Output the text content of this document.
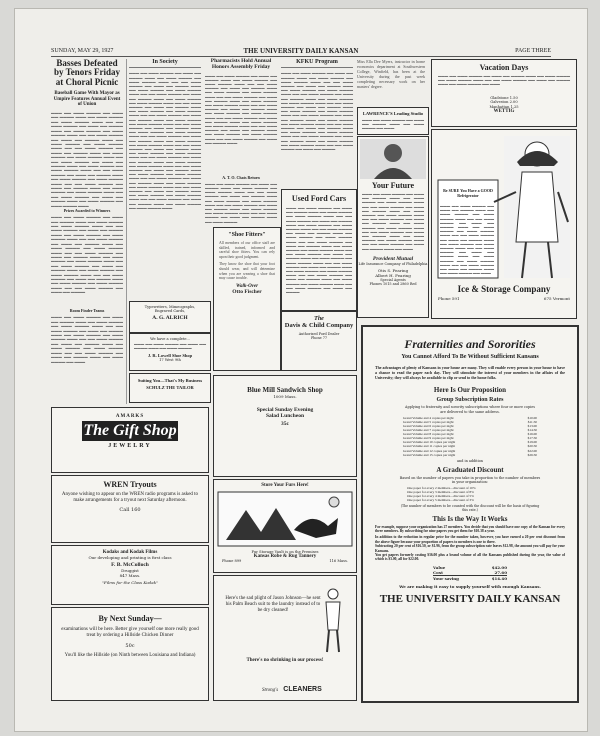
SUNDAY, MAY 29, 1927	THE UNIVERSITY DAILY KANSAN	PAGE THREE
Basses Defeated by Tenors Friday at Choral Picnic
Baseball Game With Mayor as Umpire Features Annual Event of Union
▬▬▬ ▬▬ ▬▬▬ ▬▬▬▬ ▬▬ ▬▬▬ ▬▬ ▬▬▬▬ ▬▬▬ ▬▬ ▬▬▬ ▬▬▬▬ ▬▬ ▬▬▬ ▬▬▬▬ ▬▬▬ ▬▬ ▬▬ ▬▬▬ ▬▬▬▬ ▬▬ ▬▬▬ ▬▬ ▬▬▬▬ ▬▬▬ ▬▬ ▬▬▬ ▬▬▬▬ ▬▬ ▬▬▬ ▬▬▬▬ ▬▬▬ ▬▬ ▬▬ ▬▬▬ ▬▬▬▬ ▬▬ ▬▬▬ ▬▬ ▬▬▬▬ ▬▬▬ ▬▬ ▬▬▬ ▬▬▬▬ ▬▬ ▬▬▬ ▬▬▬▬ ▬▬▬ ▬▬ ▬▬ ▬▬▬ ▬▬▬▬ ▬▬ ▬▬▬ ▬▬ ▬▬▬▬ ▬▬▬ ▬▬ ▬▬▬ ▬▬▬▬ ▬▬ ▬▬▬ ▬▬▬▬ ▬▬▬ ▬▬ ▬▬ ▬▬▬ ▬▬▬▬ ▬▬ ▬▬▬ ▬▬ ▬▬▬▬ ▬▬▬ ▬▬ ▬▬▬ ▬▬▬▬ ▬▬ ▬▬▬ ▬▬▬▬ ▬▬▬ ▬▬ ▬▬ ▬▬▬ ▬▬▬▬ ▬▬ ▬▬▬ ▬▬ ▬▬▬▬ ▬▬▬ ▬▬ ▬▬▬ ▬▬▬▬ ▬▬ ▬▬▬ ▬▬▬▬ ▬▬▬ ▬▬ ▬▬ ▬▬▬ ▬▬▬▬ ▬▬ ▬▬▬ ▬▬ ▬▬▬▬ ▬▬▬ ▬▬ ▬▬▬ ▬▬▬▬ ▬▬ ▬▬▬ ▬▬▬▬ ▬▬▬ ▬▬ ▬▬ ▬▬▬ ▬▬▬▬ ▬▬ ▬▬▬ ▬▬ ▬▬▬▬ ▬▬▬ ▬▬ ▬▬▬ ▬▬▬▬ ▬▬ ▬▬▬ ▬▬▬▬ ▬▬▬
Prizes Awarded to Winners
▬▬▬ ▬▬ ▬▬▬ ▬▬▬▬ ▬▬ ▬▬▬ ▬▬ ▬▬▬▬ ▬▬▬ ▬▬ ▬▬▬ ▬▬▬▬ ▬▬ ▬▬▬ ▬▬▬▬ ▬▬▬ ▬▬ ▬▬ ▬▬▬ ▬▬▬▬ ▬▬ ▬▬▬ ▬▬ ▬▬▬▬ ▬▬▬ ▬▬ ▬▬▬ ▬▬▬▬ ▬▬ ▬▬▬ ▬▬▬▬ ▬▬▬ ▬▬ ▬▬ ▬▬▬ ▬▬▬▬ ▬▬ ▬▬▬ ▬▬ ▬▬▬▬ ▬▬▬ ▬▬ ▬▬▬ ▬▬▬▬ ▬▬ ▬▬▬ ▬▬▬▬ ▬▬▬ ▬▬ ▬▬ ▬▬▬ ▬▬▬▬ ▬▬ ▬▬▬ ▬▬ ▬▬▬▬ ▬▬▬ ▬▬ ▬▬▬ ▬▬▬▬ ▬▬ ▬▬▬ ▬▬▬▬ ▬▬▬ ▬▬ ▬▬ ▬▬▬ ▬▬▬▬ ▬▬ ▬▬▬ ▬▬ ▬▬▬▬ ▬▬▬ ▬▬ ▬▬▬ ▬▬▬▬ ▬▬ ▬▬▬ ▬▬▬▬ ▬▬▬ ▬▬ ▬▬ ▬▬▬ ▬▬▬▬ ▬▬ ▬▬▬ ▬▬ ▬▬▬▬ ▬▬▬ ▬▬ ▬▬▬ ▬▬▬▬ ▬▬ ▬▬▬ ▬▬▬▬ ▬▬▬ ▬▬ ▬▬ ▬▬▬ ▬▬▬▬ ▬▬ ▬▬▬ ▬▬ ▬▬▬▬
Room Finder Teams
▬▬▬ ▬▬ ▬▬▬ ▬▬▬▬ ▬▬ ▬▬▬ ▬▬ ▬▬▬▬ ▬▬▬ ▬▬ ▬▬▬ ▬▬▬▬ ▬▬ ▬▬▬ ▬▬▬▬ ▬▬▬ ▬▬ ▬▬ ▬▬▬ ▬▬▬▬ ▬▬ ▬▬▬ ▬▬ ▬▬▬▬ ▬▬▬ ▬▬ ▬▬▬ ▬▬▬▬ ▬▬ ▬▬▬ ▬▬▬▬ ▬▬▬ ▬▬ ▬▬ ▬▬▬ ▬▬▬▬ ▬▬ ▬▬▬ ▬▬ ▬▬▬▬ ▬▬▬ ▬▬ ▬▬▬ ▬▬▬▬ ▬▬ ▬▬▬ ▬▬▬▬ ▬▬▬ ▬▬ ▬▬ ▬▬▬ ▬▬▬▬ ▬▬ ▬▬▬ ▬▬ ▬▬▬▬ ▬▬▬ ▬▬ ▬▬▬ ▬▬▬▬ ▬▬ ▬▬▬
In Society
▬▬▬ ▬▬ ▬▬▬ ▬▬▬▬ ▬▬ ▬▬▬ ▬▬ ▬▬▬▬ ▬▬▬ ▬▬ ▬▬▬ ▬▬▬▬ ▬▬ ▬▬▬ ▬▬▬▬ ▬▬▬ ▬▬ ▬▬ ▬▬▬ ▬▬▬▬ ▬▬ ▬▬▬ ▬▬ ▬▬▬▬ ▬▬▬ ▬▬ ▬▬▬ ▬▬▬▬ ▬▬ ▬▬▬ ▬▬▬▬ ▬▬▬ ▬▬ ▬▬ ▬▬▬ ▬▬▬▬ ▬▬ ▬▬▬ ▬▬ ▬▬▬▬ ▬▬▬ ▬▬ ▬▬▬ ▬▬▬▬ ▬▬ ▬▬▬ ▬▬▬▬ ▬▬▬ ▬▬ ▬▬ ▬▬▬ ▬▬▬▬ ▬▬ ▬▬▬ ▬▬ ▬▬▬▬ ▬▬▬ ▬▬ ▬▬▬ ▬▬▬▬ ▬▬ ▬▬▬ ▬▬▬▬ ▬▬▬ ▬▬ ▬▬ ▬▬▬ ▬▬▬▬ ▬▬ ▬▬▬ ▬▬ ▬▬▬▬ ▬▬▬ ▬▬ ▬▬▬ ▬▬▬▬ ▬▬ ▬▬▬ ▬▬▬▬ ▬▬▬ ▬▬ ▬▬ ▬▬▬ ▬▬▬▬ ▬▬ ▬▬▬ ▬▬ ▬▬▬▬ ▬▬▬ ▬▬ ▬▬▬ ▬▬▬▬ ▬▬ ▬▬▬ ▬▬▬▬ ▬▬▬ ▬▬ ▬▬ ▬▬▬ ▬▬▬▬ ▬▬ ▬▬▬ ▬▬ ▬▬▬▬ ▬▬▬ ▬▬ ▬▬▬ ▬▬▬▬ ▬▬ ▬▬▬ ▬▬▬▬ ▬▬▬ ▬▬ ▬▬ ▬▬▬ ▬▬▬▬ ▬▬ ▬▬▬ ▬▬ ▬▬▬▬ ▬▬▬ ▬▬ ▬▬▬ ▬▬▬▬ ▬▬ ▬▬▬ ▬▬▬▬ ▬▬▬ ▬▬ ▬▬ ▬▬▬ ▬▬▬▬ ▬▬ ▬▬▬ ▬▬ ▬▬▬▬ ▬▬▬ ▬▬ ▬▬▬ ▬▬▬▬ ▬▬ ▬▬▬ ▬▬▬▬ ▬▬▬ ▬▬ ▬▬ ▬▬▬ ▬▬▬▬ ▬▬ ▬▬▬ ▬▬ ▬▬▬▬ ▬▬▬ ▬▬ ▬▬▬ ▬▬▬▬ ▬▬ ▬▬▬ ▬▬▬▬ ▬▬▬ ▬▬ ▬▬ ▬▬▬ ▬▬▬▬ ▬▬ ▬▬▬ ▬▬ ▬▬▬▬ ▬▬▬ ▬▬ ▬▬▬ ▬▬▬▬ ▬▬ ▬▬▬ ▬▬▬▬ ▬▬▬ ▬▬ ▬▬ ▬▬▬ ▬▬▬▬ ▬▬ ▬▬▬ ▬▬ ▬▬▬▬ ▬▬▬ ▬▬ ▬▬▬ ▬▬▬▬ ▬▬ ▬▬▬ ▬▬▬▬ ▬▬▬ ▬▬ ▬▬ ▬▬▬ ▬▬▬▬ ▬▬ ▬▬▬ ▬▬ ▬▬▬▬ ▬▬▬ ▬▬ ▬▬▬ ▬▬▬▬ ▬▬ ▬▬▬ ▬▬▬▬ ▬▬▬
Pharmacists Hold Annual Honors Assembly Friday
▬▬▬ ▬▬ ▬▬▬ ▬▬▬▬ ▬▬ ▬▬▬ ▬▬ ▬▬▬▬ ▬▬▬ ▬▬ ▬▬▬ ▬▬▬▬ ▬▬ ▬▬▬ ▬▬▬▬ ▬▬▬ ▬▬ ▬▬ ▬▬▬ ▬▬▬▬ ▬▬ ▬▬▬ ▬▬ ▬▬▬▬ ▬▬▬ ▬▬ ▬▬▬ ▬▬▬▬ ▬▬ ▬▬▬ ▬▬▬▬ ▬▬▬ ▬▬ ▬▬ ▬▬▬ ▬▬▬▬ ▬▬ ▬▬▬ ▬▬ ▬▬▬▬ ▬▬▬ ▬▬ ▬▬▬ ▬▬▬▬ ▬▬ ▬▬▬ ▬▬▬▬ ▬▬▬ ▬▬ ▬▬ ▬▬▬ ▬▬▬▬ ▬▬ ▬▬▬ ▬▬ ▬▬▬▬ ▬▬▬ ▬▬ ▬▬▬ ▬▬▬▬ ▬▬ ▬▬▬ ▬▬▬▬ ▬▬▬ ▬▬ ▬▬ ▬▬▬ ▬▬▬▬ ▬▬ ▬▬▬ ▬▬ ▬▬▬▬ ▬▬▬ ▬▬ ▬▬▬ ▬▬▬▬ ▬▬ ▬▬▬ ▬▬▬▬ ▬▬▬ ▬▬ ▬▬ ▬▬▬ ▬▬▬▬ ▬▬ ▬▬▬ ▬▬ ▬▬▬▬ ▬▬▬ ▬▬ ▬▬▬ ▬▬▬▬ ▬▬ ▬▬▬ ▬▬▬▬ ▬▬▬ ▬▬ ▬▬ ▬▬▬ ▬▬▬▬ ▬▬ ▬▬▬ ▬▬ ▬▬▬▬ ▬▬▬
A. T. O. Chats Return
▬▬▬ ▬▬ ▬▬▬ ▬▬▬▬ ▬▬ ▬▬▬ ▬▬ ▬▬▬▬ ▬▬▬ ▬▬ ▬▬▬ ▬▬▬▬ ▬▬ ▬▬▬ ▬▬▬▬ ▬▬▬ ▬▬ ▬▬ ▬▬▬ ▬▬▬▬ ▬▬ ▬▬▬ ▬▬ ▬▬▬▬ ▬▬▬ ▬▬ ▬▬▬ ▬▬▬▬ ▬▬ ▬▬▬ ▬▬▬▬ ▬▬▬ ▬▬ ▬▬ ▬▬▬ ▬▬▬▬ ▬▬ ▬▬▬ ▬▬ ▬▬▬▬ ▬▬▬ ▬▬ ▬▬▬ ▬▬▬▬ ▬▬ ▬▬▬ ▬▬▬▬ ▬▬▬ ▬▬ ▬▬ ▬▬▬ ▬▬▬▬ ▬▬ ▬▬▬ ▬▬ ▬▬▬▬ ▬▬▬ ▬▬ ▬▬▬ ▬▬▬▬
KFKU Program
▬▬▬ ▬▬ ▬▬▬ ▬▬▬▬ ▬▬ ▬▬▬ ▬▬ ▬▬▬▬ ▬▬▬ ▬▬ ▬▬▬ ▬▬▬▬ ▬▬ ▬▬▬ ▬▬▬▬ ▬▬▬ ▬▬ ▬▬ ▬▬▬ ▬▬▬▬ ▬▬ ▬▬▬ ▬▬ ▬▬▬▬ ▬▬▬ ▬▬ ▬▬▬ ▬▬▬▬ ▬▬ ▬▬▬ ▬▬▬▬ ▬▬▬ ▬▬ ▬▬ ▬▬▬ ▬▬▬▬ ▬▬ ▬▬▬ ▬▬ ▬▬▬▬ ▬▬▬ ▬▬ ▬▬▬ ▬▬▬▬ ▬▬ ▬▬▬ ▬▬▬▬ ▬▬▬ ▬▬ ▬▬ ▬▬▬ ▬▬▬▬ ▬▬ ▬▬▬ ▬▬ ▬▬▬▬ ▬▬▬ ▬▬ ▬▬▬ ▬▬▬▬ ▬▬ ▬▬▬ ▬▬▬▬ ▬▬▬ ▬▬ ▬▬ ▬▬▬ ▬▬▬▬ ▬▬ ▬▬▬ ▬▬ ▬▬▬▬ ▬▬▬ ▬▬ ▬▬▬ ▬▬▬▬ ▬▬ ▬▬▬ ▬▬▬▬ ▬▬▬ ▬▬ ▬▬ ▬▬▬ ▬▬▬▬ ▬▬ ▬▬▬ ▬▬ ▬▬▬▬ ▬▬▬ ▬▬ ▬▬▬ ▬▬▬▬ ▬▬ ▬▬▬ ▬▬▬▬ ▬▬▬ ▬▬ ▬▬ ▬▬▬ ▬▬▬▬ ▬▬ ▬▬▬ ▬▬ ▬▬▬▬ ▬▬▬ ▬▬ ▬▬▬ ▬▬▬▬ ▬▬ ▬▬▬ ▬▬▬▬ ▬▬▬ ▬▬ ▬▬ ▬▬▬ ▬▬▬▬ ▬▬ ▬▬▬ ▬▬ ▬▬▬▬
Miss Ella Dee Myers, instructor in home economics department at Southwestern College, Winfield, has been at the University during the past week completing necessary work on her masters' degree.
Vacation Days
▬▬▬ ▬▬ ▬▬▬ ▬▬▬▬ ▬▬ ▬▬▬ ▬▬ ▬▬▬▬ ▬▬▬ ▬▬ ▬▬▬ ▬▬▬▬ ▬▬ ▬▬▬ ▬▬▬▬ ▬▬▬ ▬▬ ▬▬ ▬▬▬ ▬▬▬▬ ▬▬ ▬▬▬ ▬▬ ▬▬▬▬ ▬▬▬ ▬▬ ▬▬▬ ▬▬▬▬ ▬▬ ▬▬▬
Gladstone 1.50
Galveston 2.00
Manhattan 1.25
WETTIG
LAWRENCE'S Leading Studio
▬▬▬ ▬▬ ▬▬▬ ▬▬▬▬ ▬▬ ▬▬▬ ▬▬ ▬▬▬▬ ▬▬▬ ▬▬ ▬▬▬ ▬▬▬▬ ▬▬ ▬▬▬
Your Future
▬▬▬ ▬▬ ▬▬▬ ▬▬▬▬ ▬▬ ▬▬▬ ▬▬ ▬▬▬▬ ▬▬▬ ▬▬ ▬▬▬ ▬▬▬▬ ▬▬ ▬▬▬ ▬▬▬▬ ▬▬▬ ▬▬ ▬▬ ▬▬▬ ▬▬▬▬ ▬▬ ▬▬▬ ▬▬ ▬▬▬▬ ▬▬▬ ▬▬ ▬▬▬ ▬▬▬▬ ▬▬ ▬▬▬ ▬▬▬▬ ▬▬▬ ▬▬ ▬▬ ▬▬▬ ▬▬▬▬ ▬▬ ▬▬▬ ▬▬ ▬▬▬▬ ▬▬▬ ▬▬ ▬▬▬ ▬▬▬▬ ▬▬ ▬▬▬ ▬▬▬▬ ▬▬▬ ▬▬ ▬▬ ▬▬▬ ▬▬▬▬ ▬▬ ▬▬▬ ▬▬ ▬▬▬▬ ▬▬▬ ▬▬ ▬▬▬ ▬▬▬▬ ▬▬ ▬▬▬ ▬▬▬▬ ▬▬▬ ▬▬ ▬▬ ▬▬▬ ▬▬▬▬ ▬▬ ▬▬▬ ▬▬ ▬▬▬▬ ▬▬▬ ▬▬ ▬▬▬
Provident Mutual
Life Insurance Company of Philadelphia
Otis S. Fearing
Albert H. Fearing
Special Agents
Phones 1015 and 2860 Red
Be SURE You Have a GOOD Refrigerator
▬▬▬ ▬▬ ▬▬▬ ▬▬▬▬ ▬▬ ▬▬▬ ▬▬ ▬▬▬▬ ▬▬▬ ▬▬ ▬▬▬ ▬▬▬▬ ▬▬ ▬▬▬ ▬▬▬▬ ▬▬▬ ▬▬ ▬▬ ▬▬▬ ▬▬▬▬ ▬▬ ▬▬▬ ▬▬ ▬▬▬▬ ▬▬▬ ▬▬ ▬▬▬ ▬▬▬▬ ▬▬ ▬▬▬ ▬▬▬▬ ▬▬▬ ▬▬ ▬▬ ▬▬▬ ▬▬▬▬ ▬▬ ▬▬▬ ▬▬ ▬▬▬▬ ▬▬▬ ▬▬ ▬▬▬ ▬▬▬▬ ▬▬ ▬▬▬ ▬▬▬▬ ▬▬▬ ▬▬ ▬▬ ▬▬▬ ▬▬▬▬ ▬▬ ▬▬▬ ▬▬ ▬▬▬▬ ▬▬▬ ▬▬ ▬▬▬ ▬▬▬▬ ▬▬ ▬▬▬ ▬▬▬▬ ▬▬▬ ▬▬ ▬▬ ▬▬▬ ▬▬▬▬ ▬▬ ▬▬▬ ▬▬ ▬▬▬▬ ▬▬▬ ▬▬ ▬▬▬ ▬▬▬▬ ▬▬ ▬▬▬
Ice & Storage Company
Phone 591	675 Vermont
Used Ford Cars
▬▬▬ ▬▬ ▬▬▬ ▬▬▬▬ ▬▬ ▬▬▬ ▬▬ ▬▬▬▬ ▬▬▬ ▬▬ ▬▬▬ ▬▬▬▬ ▬▬ ▬▬▬ ▬▬▬▬ ▬▬▬ ▬▬ ▬▬ ▬▬▬ ▬▬▬▬ ▬▬ ▬▬▬ ▬▬ ▬▬▬▬ ▬▬▬ ▬▬ ▬▬▬ ▬▬▬▬ ▬▬ ▬▬▬ ▬▬▬▬ ▬▬▬ ▬▬ ▬▬ ▬▬▬ ▬▬▬▬ ▬▬ ▬▬▬ ▬▬ ▬▬▬▬ ▬▬▬ ▬▬ ▬▬▬ ▬▬▬▬ ▬▬ ▬▬▬ ▬▬▬▬ ▬▬▬ ▬▬ ▬▬ ▬▬▬ ▬▬▬▬ ▬▬ ▬▬▬ ▬▬ ▬▬▬▬ ▬▬▬ ▬▬ ▬▬▬ ▬▬▬▬ ▬▬ ▬▬▬ ▬▬▬▬ ▬▬▬ ▬▬ ▬▬ ▬▬▬ ▬▬▬▬ ▬▬ ▬▬▬ ▬▬ ▬▬▬▬ ▬▬▬ ▬▬ ▬▬▬ ▬▬▬▬ ▬▬ ▬▬▬ ▬▬▬▬ ▬▬▬ ▬▬ ▬▬ ▬▬▬ ▬▬▬▬ ▬▬ ▬▬▬ ▬▬ ▬▬▬▬ ▬▬▬ ▬▬ ▬▬▬ ▬▬▬▬ ▬▬ ▬▬▬ ▬▬▬▬ ▬▬▬ ▬▬ ▬▬ ▬▬▬ ▬▬▬▬ ▬▬ ▬▬▬ ▬▬ ▬▬▬▬ ▬▬▬ ▬▬ ▬▬▬ ▬▬▬▬ ▬▬ ▬▬▬ ▬▬▬▬ ▬▬▬ ▬▬ ▬▬ ▬▬▬ ▬▬▬▬ ▬▬ ▬▬▬ ▬▬ ▬▬▬▬
The
Davis & Child Company
Authorized Ford Dealer
Phone 77
"Shoe Fitters"
All members of our office staff are skilled, trained, informed and careful shoe fitters. You can rely upon their good judgment.
They know the shoe that your foot should wear, and will determine when you are wearing a shoe that may cause trouble.
Walk-Over
Otto Fischer
Typewriters, Mimeographs,
Engraved Cards,
A. G. ALRICH
We have a complete...
▬▬▬ ▬▬ ▬▬▬ ▬▬▬▬ ▬▬ ▬▬▬ ▬▬ ▬▬▬▬ ▬▬▬ ▬▬ ▬▬▬ ▬▬▬▬
J. R. Lowell Shoe Shop
17 West 9th
Suiting You—That's My Business
SCHULZ THE TAILOR
AMARKS
The Gift Shop
JEWELRY
WREN Tryouts
Anyone wishing to appear on the WREN radio programs is asked to make arrangements for a tryout next Saturday afternoon.
Call 160
Kodaks and Kodak Films
Our developing and printing is first class
F. B. McColloch
Druggist
847 Mass.
"Films for the Class Kodak"
By Next Sunday—
examinations will be here. Better give yourself one more really good treat by ordering a Hillside Chicken Dinner
50c
You'll like the Hillside (on Ninth between Louisiana and Indiana)
Blue Mill Sandwich Shop
1009 Mass.
Special Sunday Evening
Salad Luncheon
35c
Store Your Furs Here!
Fur Storage Vault is on the Premises
Kansas Robe & Rug Tannery
Phone 899	116 Mass.
Here's the sad plight of Jason Johnson—he sent his Palm Beach suit to the laundry instead of to be dry cleaned!
There's no shrinking in our process!
Strong's CLEANERS
Fraternities and Sororities
You Cannot Afford To Be Without Sufficient Kansans
The advantages of plenty of Kansans in your house are many. They will enable every person in your house to have a chance to read the paper each day. They will stimulate the interest of your members in the affairs of the University; they will always be available to clip or send to the home folks.
Here Is Our Proposition
Group Subscription Rates
Applying to fraternity and sorority subscriptions where four or more copies are delivered to the same address.
Grand Volume and 4 copies per night	$10.00
Grand Volume and 5 copies per night	$11.50
Grand Volume and 6 copies per night	$13.00
Grand Volume and 7 copies per night	$14.50
Grand Volume and 8 copies per night	$16.00
Grand Volume and 9 copies per night	$17.50
Grand Volume and 10 copies per night	$19.00
Grand Volume and 11 copies per night	$20.50
Grand Volume and 12 copies per night	$22.00
Grand Volume and 15 copies per night	$26.50
and in addition
A Graduated Discount
Based on the number of papers you take in proportion to the number of members in your organization:
One paper for every 2 members—discount of 10%
One paper for every 3 members—discount of 8%
One paper for every 4 members—discount of 5%
One paper for every 5 members—discount of 3%
(The number of members to be counted with the discount will be the basis of figuring this rate.)
This Is the Way It Works
For example, suppose your organization has 27 members. You decide that you should have one copy of the Kansan for every three members. By subscribing for nine papers you get them for $10.38 a year.
In addition to the reduction in regular price for the number taken, however, you have earned a 20 per cent discount from the above figure because your proportion of papers to members is one to three.
Subtracting 20 per cent of $16.50, or $1.96, from the group subscription rate leaves $12.98, the amount you will pay for your Kansans.
You get papers formerly costing $36.00 plus a brand volume of all the Kansans published during the year, the value of which is $3.00, all for $22.00.
Value	$42.00
Cost	27.60
Your saving	$14.40
We are making it easy to supply yourself with enough Kansans.
THE UNIVERSITY DAILY KANSAN
